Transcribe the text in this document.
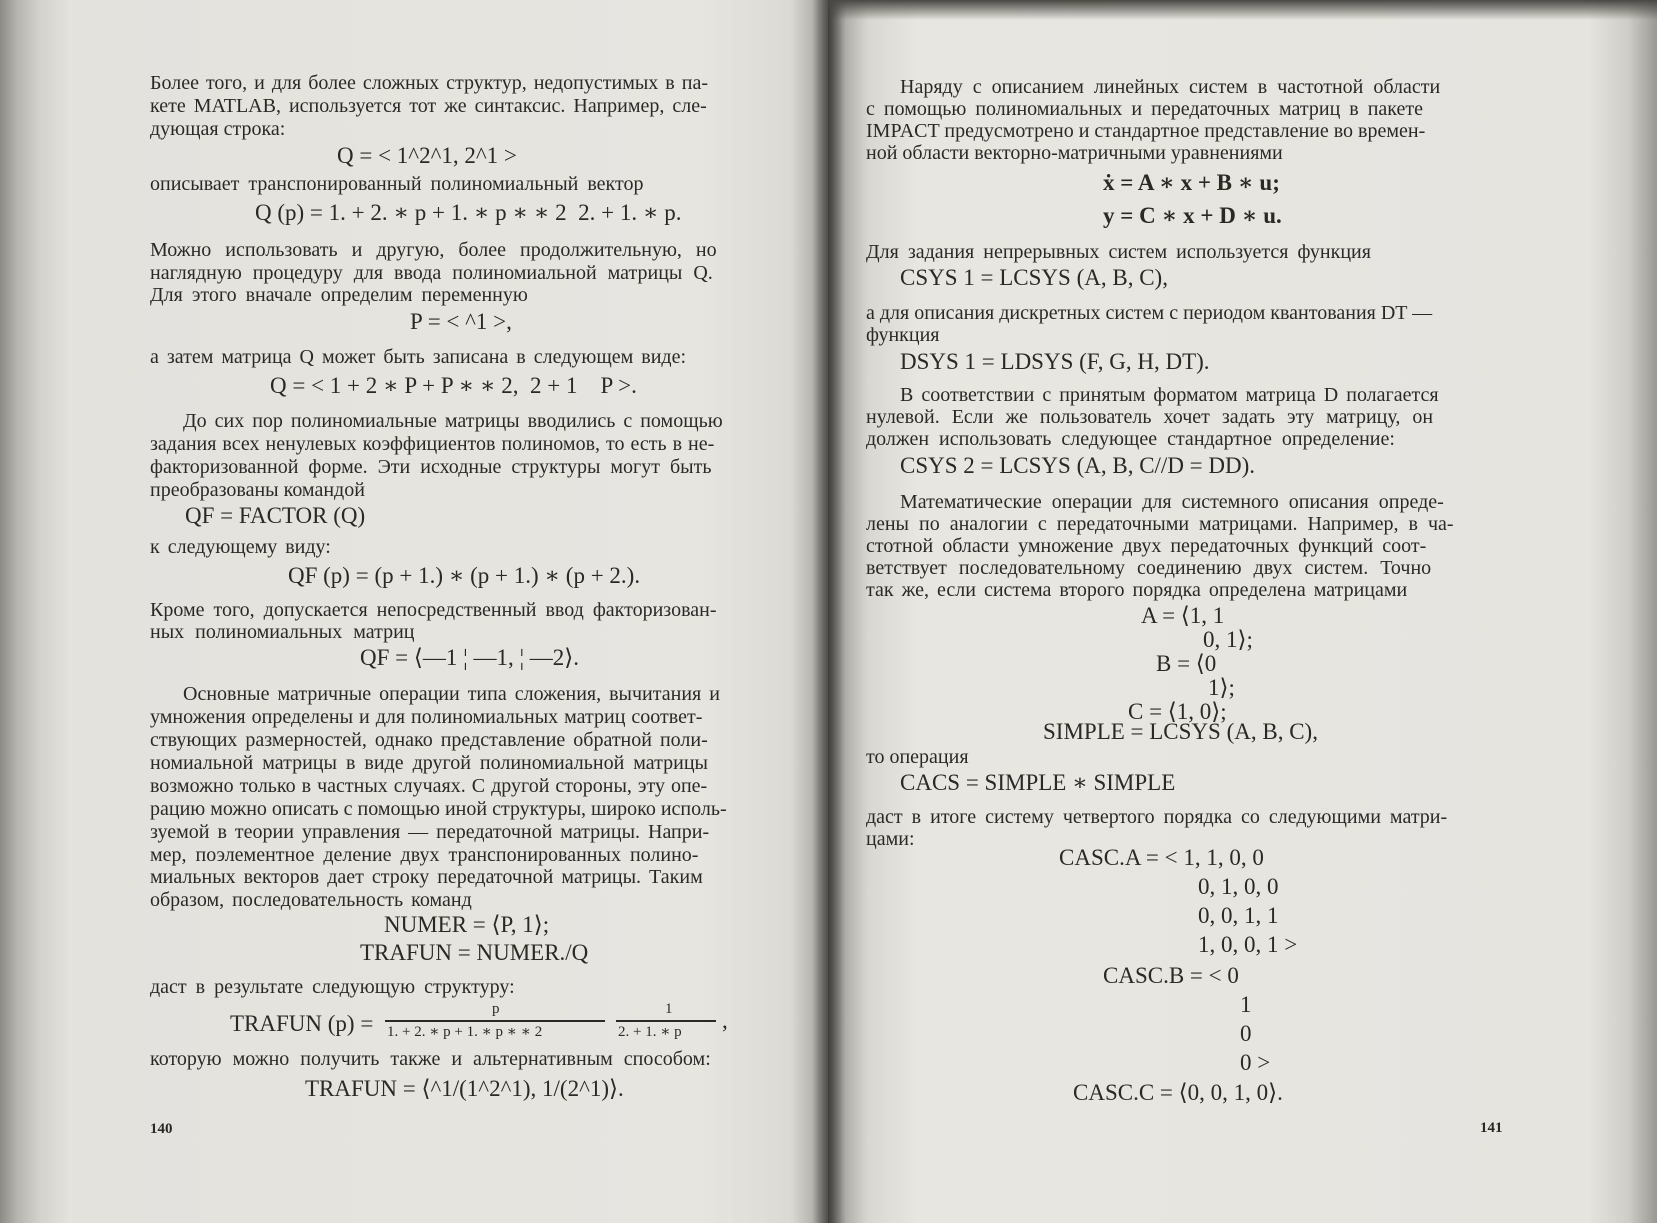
Более того, и для более сложных структур, недопустимых в па-
кете MATLAB, используется тот же синтаксис. Например, сле-
дующая строка:
Q = < 1^2^1, 2^1 >
описывает транспонированный полиномиальный вектор
Q (p) = 1. + 2. ∗ p + 1. ∗ p ∗ ∗ 2  2. + 1. ∗ p.
Можно использовать и другую, более продолжительную, но
наглядную процедуру для ввода полиномиальной матрицы Q.
Для этого вначале определим переменную
P = < ^1 >,
а затем матрица Q может быть записана в следующем виде:
Q = < 1 + 2 ∗ P + P ∗ ∗ 2,  2 + 1    P >.
До сих пор полиномиальные матрицы вводились с помощью
задания всех ненулевых коэффициентов полиномов, то есть в не-
факторизованной форме. Эти исходные структуры могут быть
преобразованы командой
QF = FACTOR (Q)
к следующему виду:
QF (p) = (p + 1.) ∗ (p + 1.) ∗ (p + 2.).
Кроме того, допускается непосредственный ввод факторизован-
ных полиномиальных матриц
QF = ⟨—1 ¦ —1, ¦ —2⟩.
Основные матричные операции типа сложения, вычитания и
умножения определены и для полиномиальных матриц соответ-
ствующих размерностей, однако представление обратной поли-
номиальной матрицы в виде другой полиномиальной матрицы
возможно только в частных случаях. С другой стороны, эту опе-
рацию можно описать с помощью иной структуры, широко исполь-
зуемой в теории управления — передаточной матрицы. Напри-
мер, поэлементное деление двух транспонированных полино-
миальных векторов дает строку передаточной матрицы. Таким
образом, последовательность команд
NUMER = ⟨P, 1⟩;
TRAFUN = NUMER./Q
даст в результате следующую структуру:
TRAFUN (p) =
p
1. + 2. ∗ p + 1. ∗ p ∗ ∗ 2
1
2. + 1. ∗ p ,
которую можно получить также и альтернативным способом:
TRAFUN = ⟨^1/(1^2^1), 1/(2^1)⟩.
140
Наряду с описанием линейных систем в частотной области
с помощью полиномиальных и передаточных матриц в пакете
IMPACT предусмотрено и стандартное представление во времен-
ной области векторно-матричными уравнениями
ẋ = A ∗ x + B ∗ u;
y = C ∗ x + D ∗ u.
Для задания непрерывных систем используется функция
CSYS 1 = LCSYS (A, B, C),
а для описания дискретных систем с периодом квантования DT —
функция
DSYS 1 = LDSYS (F, G, H, DT).
В соответствии с принятым форматом матрица D полагается
нулевой. Если же пользователь хочет задать эту матрицу, он
должен использовать следующее стандартное определение:
CSYS 2 = LCSYS (A, B, C//D = DD).
Математические операции для системного описания опреде-
лены по аналогии с передаточными матрицами. Например, в ча-
стотной области умножение двух передаточных функций соот-
ветствует последовательному соединению двух систем. Точно
так же, если система второго порядка определена матрицами
A = ⟨1, 1
0, 1⟩;
B = ⟨0
1⟩;
C = ⟨1, 0⟩;
SIMPLE = LCSYS (A, B, C),
то операция
CACS = SIMPLE ∗ SIMPLE
даст в итоге систему четвертого порядка со следующими матри-
цами:
CASC.A = < 1, 1, 0, 0
0, 1, 0, 0
0, 0, 1, 1
1, 0, 0, 1 >
CASC.B = < 0
1
0
0 >
CASC.C = ⟨0, 0, 1, 0⟩.
141
